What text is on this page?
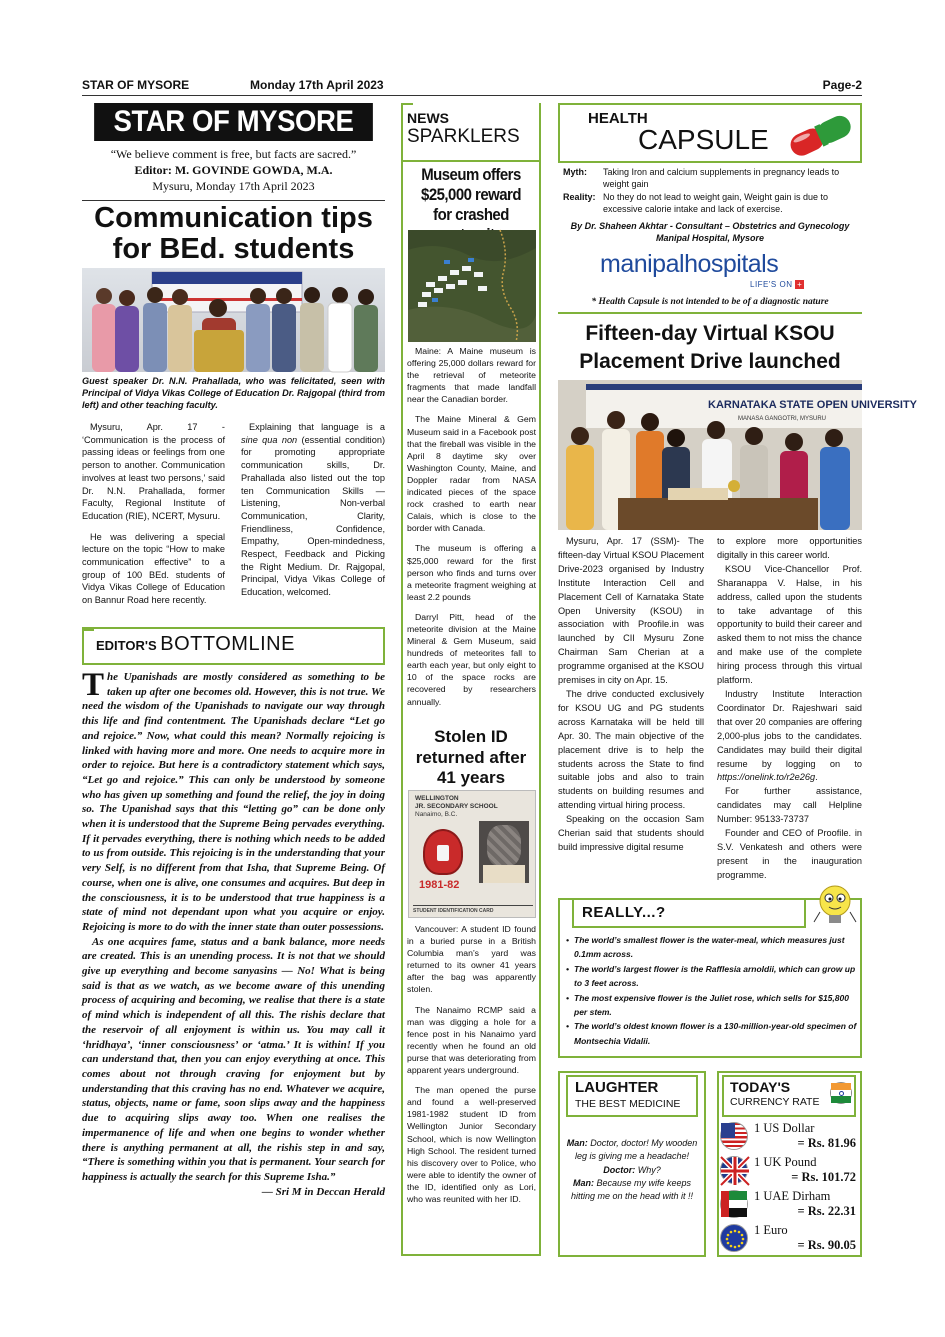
STAR OF MYSORE	Monday 17th April 2023	Page-2
STAR OF MYSORE
“We believe comment is free, but facts are sacred.”
Editor: M. GOVINDE GOWDA, M.A.
Mysuru, Monday 17th April 2023
Communication tips
for BEd. students
Guest speaker Dr. N.N. Prahallada, who was felicitated, seen with Principal of Vidya Vikas College of Education Dr. Rajgopal (third from left) and other teaching faculty.

Mysuru, Apr. 17 - ‘Communication is the process of passing ideas or feelings from one person to another. Communication involves at least two persons,’ said Dr. N.N. Prahallada, former Faculty, Regional Institute of Education (RIE), NCERT, Mysuru.

He was delivering a special lecture on the topic “How to make communication effective” to a group of 100 BEd. students of Vidya Vikas College of Education on Bannur Road here recently.

Explaining that language is a sine qua non (essential condition) for promoting appropriate communication skills, Dr. Prahallada also listed out the top ten Communication Skills — Listening, Non-verbal Communication, Clarity, Friendliness, Confidence, Empathy, Open-mindedness, Respect, Feedback and Picking the Right Medium. Dr. Rajgopal, Principal, Vidya Vikas College of Education, welcomed.

EDITOR'S BOTTOMLINE

The Upanishads are mostly considered as something to be taken up after one becomes old. However, this is not true. We need the wisdom of the Upanishads to navigate our way through this life and find contentment. The Upanishads declare “Let go and rejoice.” Now, what could this mean? Normally rejoicing is linked with having more and more. One needs to acquire more in order to rejoice. But here is a contradictory statement which says, “Let go and rejoice.” This can only be understood by someone who has given up something and found the relief, the joy in doing so. The Upanishad says that this “letting go” can be done only when it is understood that the Supreme Being pervades everything. If it pervades everything, there is nothing which needs to be added to us from outside. This rejoicing is in the understanding that your very Self, is no different from that Isha, that Supreme Being. Of course, when one is alive, one consumes and acquires. But deep in the consciousness, it is to be understood that true happiness is a state of mind not dependant upon what you acquire or enjoy. Rejoicing is more to do with the inner state than outer possessions.

As one acquires fame, status and a bank balance, more needs are created. This is an unending process. It is not that we should give up everything and become sanyasins — No! What is being said is that as we watch, as we become aware of this unending process of acquiring and becoming, we realise that there is a state of mind which is independent of all this. The rishis declare that the reservoir of all enjoyment is within us. You may call it ‘hridhaya’, ‘inner consciousness’ or ‘atma.’ It is within! If you can understand that, then you can enjoy everything at once. This comes about not through craving for enjoyment but by understanding that this craving has no end. Whatever we acquire, status, objects, name or fame, soon slips away and the happiness due to acquiring slips away too. When one realises the impermanence of life and when one begins to wonder whether there is anything permanent at all, the rishis step in and say, “There is something within you that is permanent. Your search for happiness is actually the search for this Supreme Isha.”

— Sri M in Deccan Herald

NEWS
SPARKLERS
Museum offers $25,000 reward for crashed

Maine: A Maine museum is offering 25,000 dollars reward for the retrieval of meteorite fragments that made landfall near the Canadian border.

The Maine Mineral & Gem Museum said in a Facebook post that the fireball was visible in the April 8 daytime sky over Washington County, Maine, and Doppler radar from NASA indicated pieces of the space rock crashed to earth near Calais, which is close to the border with Canada.

The museum is offering a $25,000 reward for the first person who finds and turns over a meteorite fragment weighing at least 2.2 pounds

Darryl Pitt, head of the meteorite division at the Maine Mineral & Gem Museum, said hundreds of meteorites fall to earth each year, but only eight to 10 of the space rocks are recovered by researchers annually.

Stolen ID returned after 41 years
WELLINGTON
JR. SECONDARY SCHOOL
Nanaimo, B.C.
1981-82
STUDENT IDENTIFICATION CARD

Vancouver: A student ID found in a buried purse in a British Columbia man’s yard was returned to its owner 41 years after the bag was apparently stolen.

The Nanaimo RCMP said a man was digging a hole for a fence post in his Nanaimo yard recently when he found an old purse that was deteriorating from apparent years underground.

The man opened the purse and found a well-preserved 1981-1982 student ID from Wellington Junior Secondary School, which is now Wellington High School. The resident turned his discovery over to Police, who were able to identify the owner of the ID, identified only as Lori, who was reunited with her ID.

HEALTH
CAPSULE
Myth:	Taking Iron and calcium supplements in pregnancy leads to weight gain
Reality: No they do not lead to weight gain, Weight gain is due to excessive calorie intake and lack of exercise.
By Dr. Shaheen Akhtar - Consultant – Obstetrics and Gynecology
Manipal Hospital, Mysore
manipalhospitals
LIFE'S ON +
* Health Capsule is not intended to be of a diagnostic nature
Fifteen-day Virtual KSOU
Placement Drive launched
KARNATAKA STATE OPEN UNIVERSITY
MANASA GANGOTRI, MYSURU

Mysuru, Apr. 17 (SSM)- The fifteen-day Virtual KSOU Placement Drive-2023 organised by Industry Institute Interaction Cell and Placement Cell of Karnataka State Open University (KSOU) in association with Proofile.in was launched by CII Mysuru Zone Chairman Sam Cherian at a programme organised at the KSOU premises in city on Apr. 15.

The drive conducted exclusively for KSOU UG and PG students across Karnataka will be held till Apr. 30. The main objective of the placement drive is to help the students across the State to find suitable jobs and also to train students on building resumes and attending virtual hiring process.

Speaking on the occasion Sam Cherian said that students should build impressive digital resume

to explore more opportunities digitally in this career world.

KSOU Vice-Chancellor Prof. Sharanappa V. Halse, in his address, called upon the students to take advantage of this opportunity to build their career and asked them to not miss the chance and make use of the complete hiring process through this virtual platform.

Industry Institute Interaction Coordinator Dr. Rajeshwari said that over 20 companies are offering 2,000-plus jobs to the candidates. Candidates may build their digital resume by logging on to https://onelink.to/r2e26g.

For further assistance, candidates may call Helpline Number: 95133-73737

Founder and CEO of Proofile. in S.V. Venkatesh and others were present in the inauguration programme.

REALLY...?
• The world’s smallest flower is the water-meal, which measures just 0.1mm across.
• The world’s largest flower is the Rafflesia arnoldii, which can grow up to 3 feet across.
• The most expensive flower is the Juliet rose, which sells for $15,800 per stem.
• The world’s oldest known flower is a 130-million-year-old specimen of Montsechia Vidalii.
LAUGHTER
THE BEST MEDICINE
Man: Doctor, doctor! My wooden leg is giving me a headache!
Doctor: Why?
Man: Because my wife keeps hitting me on the head with it !!
TODAY'S
CURRENCY RATE
1 US Dollar
= Rs. 81.96
1 UK Pound
= Rs. 101.72
1 UAE Dirham
= Rs. 22.31
1 Euro
= Rs. 90.05
